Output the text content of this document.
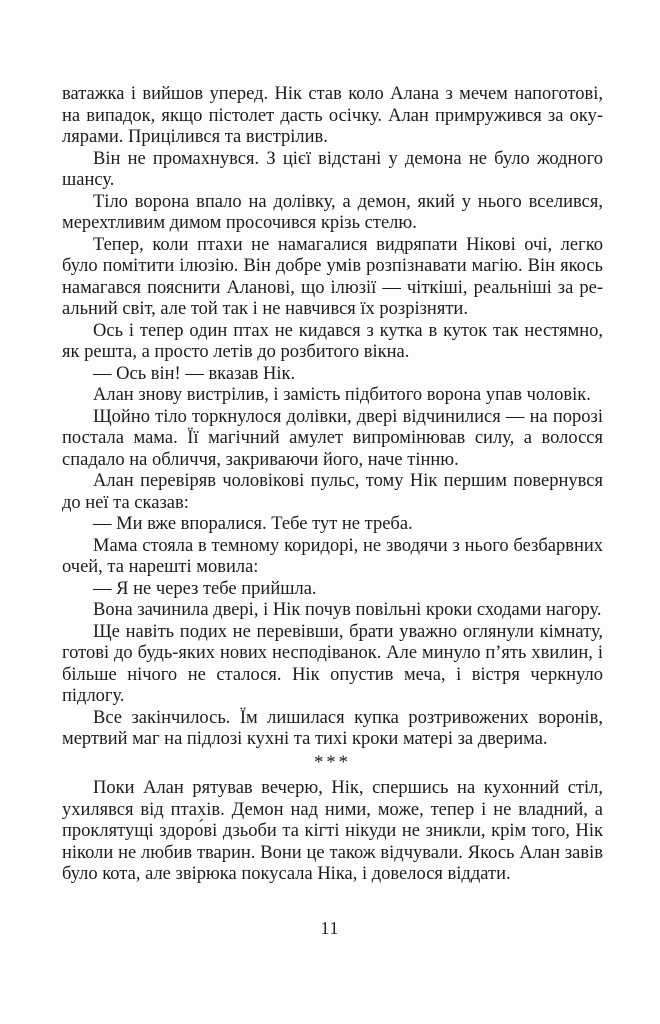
ватажка і вийшов уперед. Нік став коло Алана з мечем напоготові, на випадок, якщо пістолет дасть осічку. Алан примружився за окулярами. Прицілився та вистрілив.

Він не промахнувся. З цієї відстані у демона не було жодного шансу.

Тіло ворона впало на долівку, а демон, який у нього вселився, мерехтливим димом просочився крізь стелю.

Тепер, коли птахи не намагалися видряпати Нікові очі, легко було помітити ілюзію. Він добре умів розпізнавати магію. Він якось намагався пояснити Аланові, що ілюзії — чіткіші, реальніші за реальний світ, але той так і не навчився їх розрізняти.

Ось і тепер один птах не кидався з кутка в куток так нестямно, як решта, а просто летів до розбитого вікна.

— Ось він! — вказав Нік.

Алан знову вистрілив, і замість підбитого ворона упав чоловік.

Щойно тіло торкнулося долівки, двері відчинилися — на порозі постала мама. Її магічний амулет випромінював силу, а волосся спадало на обличчя, закриваючи його, наче тінню.

Алан перевіряв чоловікові пульс, тому Нік першим повернувся до неї та сказав:

— Ми вже впоралися. Тебе тут не треба.

Мама стояла в темному коридорі, не зводячи з нього безбарвних очей, та нарешті мовила:

— Я не через тебе прийшла.

Вона зачинила двері, і Нік почув повільні кроки сходами нагору.

Ще навіть подих не перевівши, брати уважно оглянули кімнату, готові до будь-яких нових несподіванок. Але минуло п’ять хвилин, і більше нічого не сталося. Нік опустив меча, і вістря черкнуло підлогу.

Все закінчилось. Їм лишилася купка розтривожених воронів, мертвий маг на підлозі кухні та тихі кроки матері за дверима.

***

Поки Алан рятував вечерю, Нік, спершись на кухонний стіл, ухилявся від птахів. Демон над ними, може, тепер і не владний, а проклятущі здоро́ві дзьоби та кігті нікуди не зникли, крім того, Нік ніколи не любив тварин. Вони це також відчували. Якось Алан завів було кота, але звірюка покусала Ніка, і довелося віддати.

11
